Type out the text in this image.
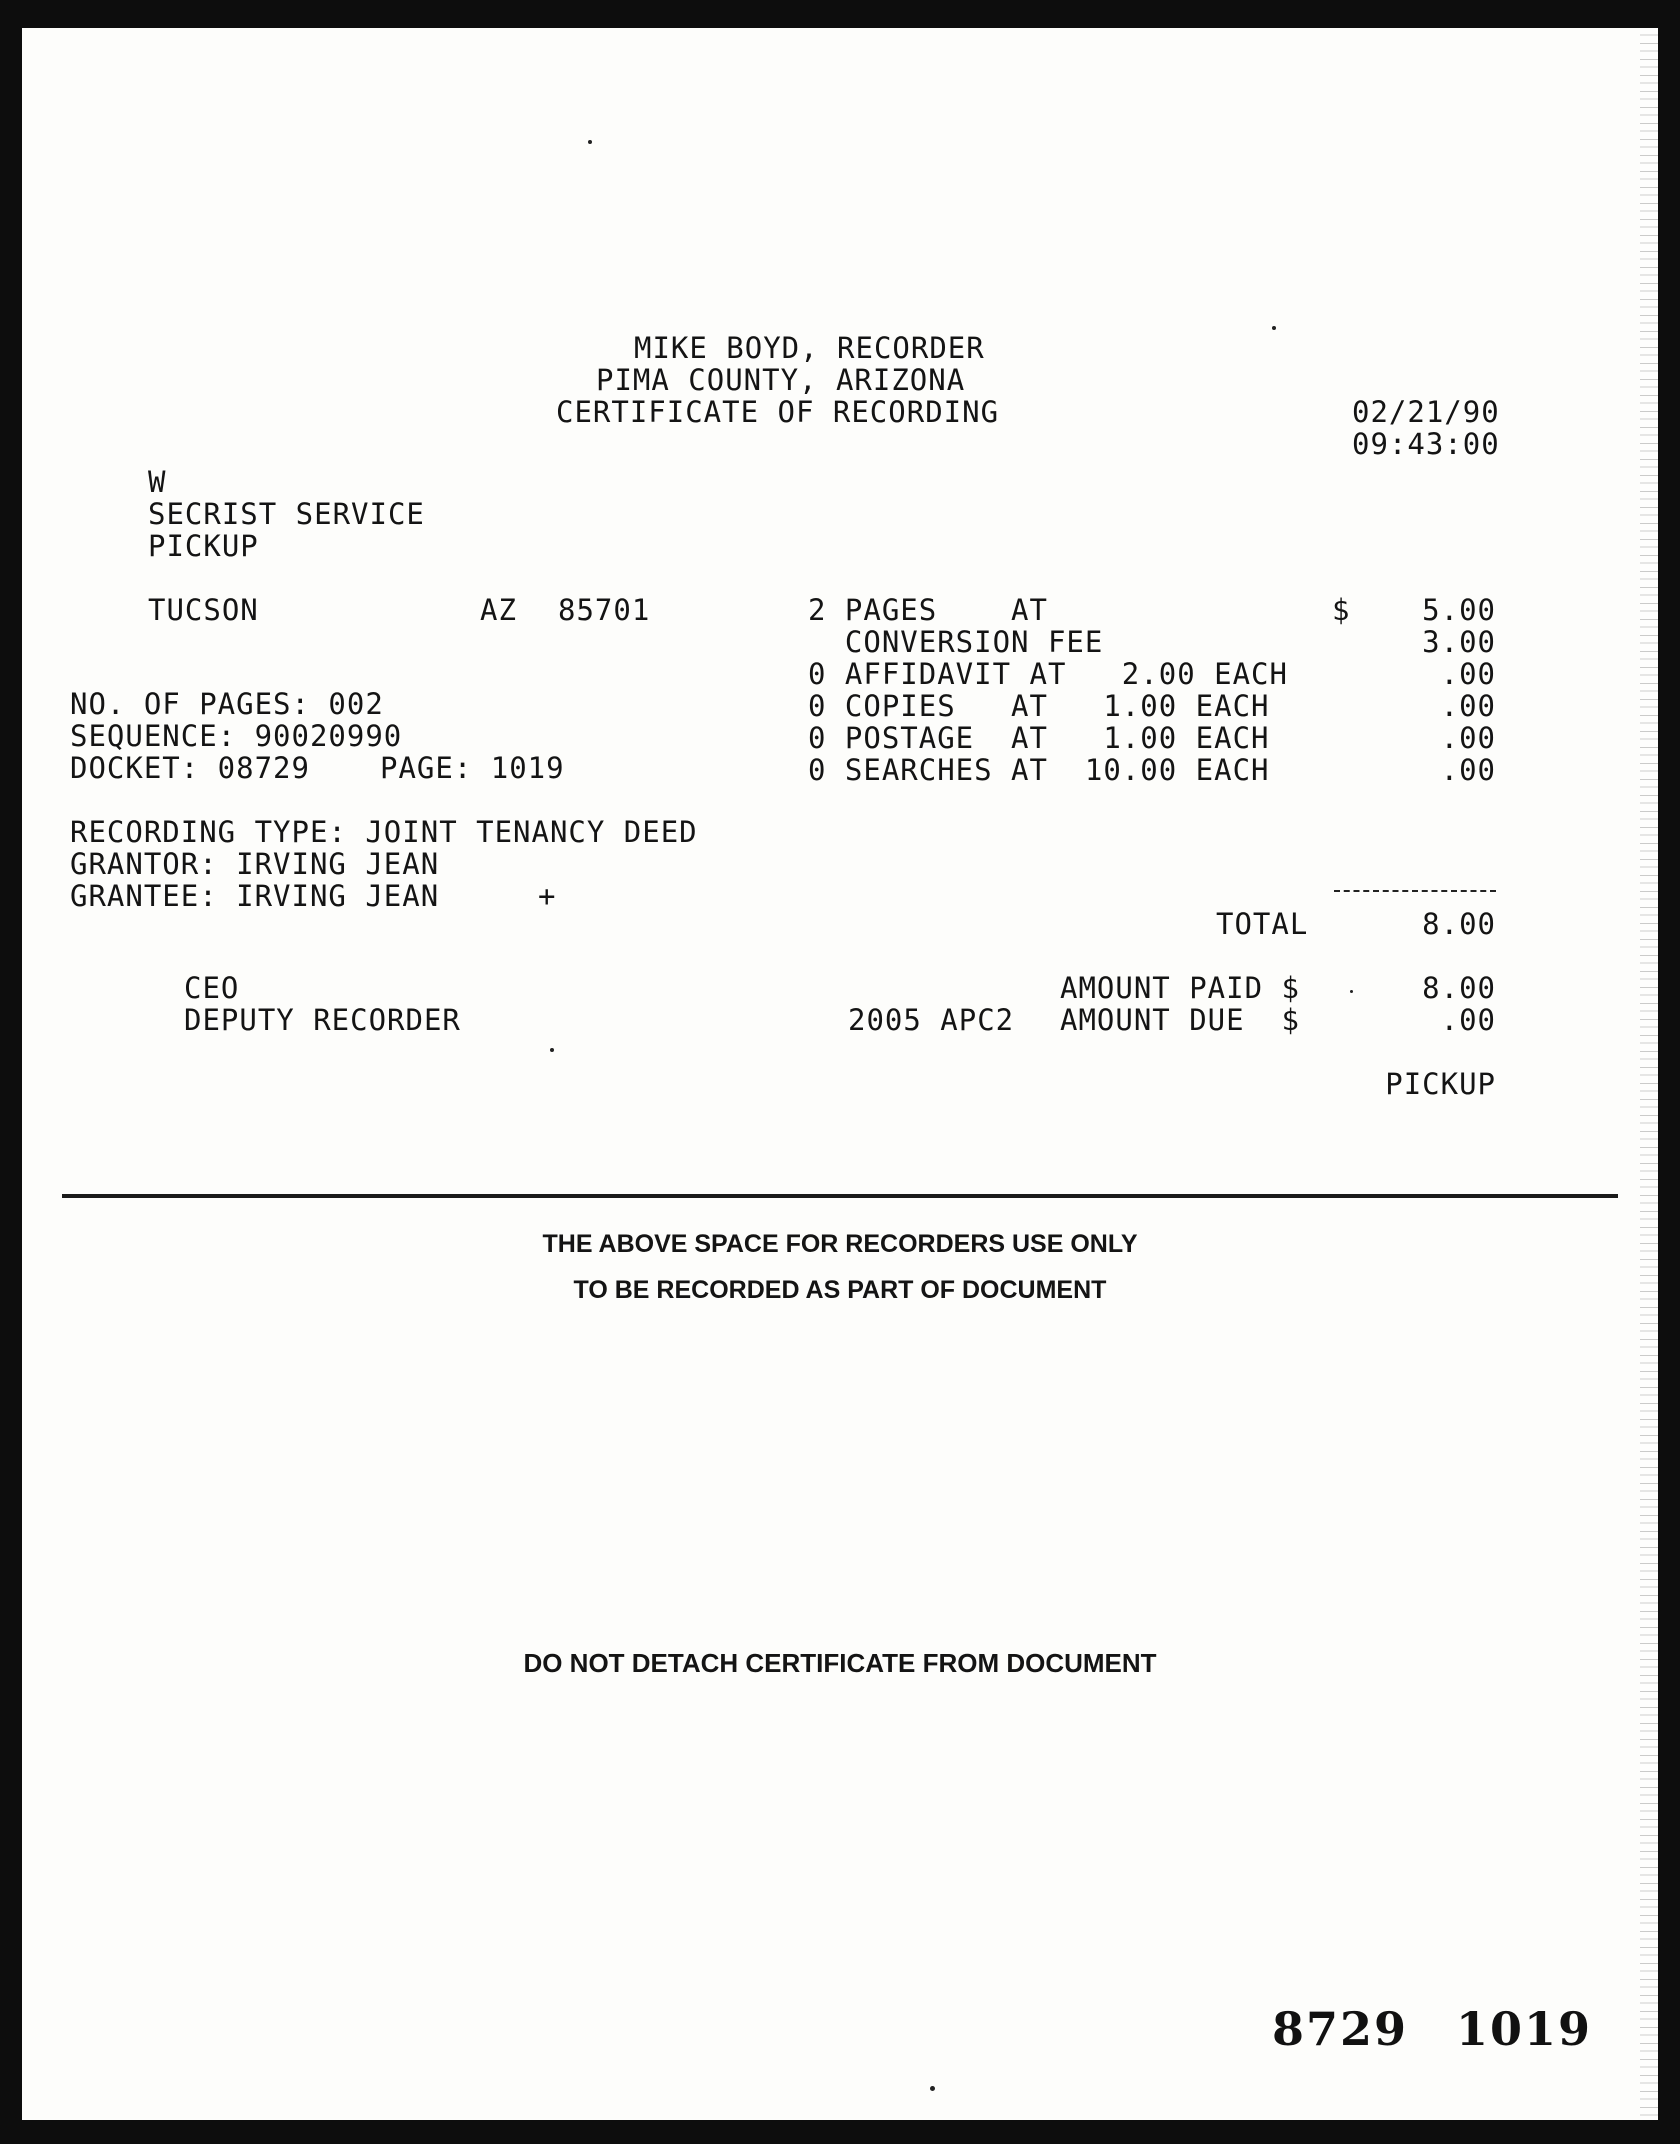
MIKE BOYD, RECORDER
PIMA COUNTY, ARIZONA
CERTIFICATE OF RECORDING	02/21/90
09:43:00
W
SECRIST SERVICE
PICKUP
TUCSON	AZ 85701
NO. OF PAGES: 002
SEQUENCE: 90020990
DOCKET: 08729 PAGE: 1019
RECORDING TYPE: JOINT TENANCY DEED
GRANTOR: IRVING JEAN
GRANTEE: IRVING JEAN	+
2 PAGES    AT	$	5.00
CONVERSION FEE	3.00
0 AFFIDAVIT AT   2.00 EACH	.00
0 COPIES   AT   1.00 EACH	.00
0 POSTAGE  AT   1.00 EACH	.00
0 SEARCHES AT  10.00 EACH	.00
TOTAL	8.00
CEO
DEPUTY RECORDER	2005 APC2
AMOUNT PAID $	8.00
AMOUNT DUE  $	.00
PICKUP
THE ABOVE SPACE FOR RECORDERS USE ONLY
TO BE RECORDED AS PART OF DOCUMENT
DO NOT DETACH CERTIFICATE FROM DOCUMENT
8729 1019
